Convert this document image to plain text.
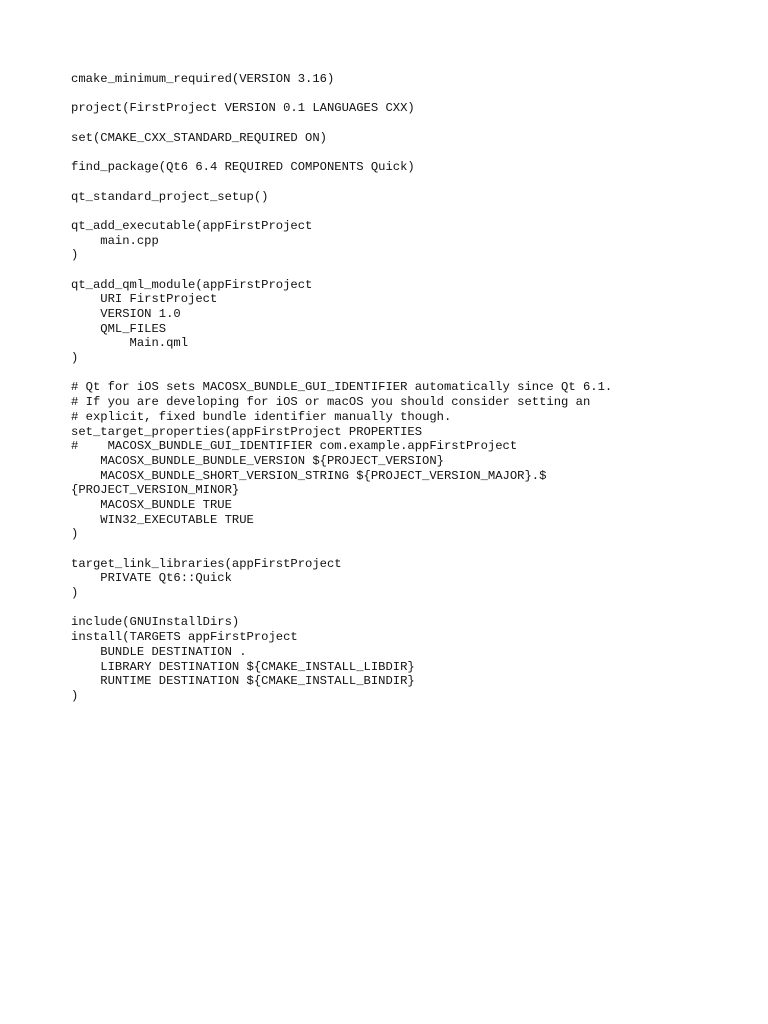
cmake_minimum_required(VERSION 3.16)
project(FirstProject VERSION 0.1 LANGUAGES CXX)
set(CMAKE_CXX_STANDARD_REQUIRED ON)
find_package(Qt6 6.4 REQUIRED COMPONENTS Quick)
qt_standard_project_setup()
qt_add_executable(appFirstProject
main.cpp
)
qt_add_qml_module(appFirstProject
URI FirstProject
VERSION 1.0
QML_FILES
Main.qml
)
# Qt for iOS sets MACOSX_BUNDLE_GUI_IDENTIFIER automatically since Qt 6.1.
# If you are developing for iOS or macOS you should consider setting an
# explicit, fixed bundle identifier manually though.
set_target_properties(appFirstProject PROPERTIES
#    MACOSX_BUNDLE_GUI_IDENTIFIER com.example.appFirstProject
MACOSX_BUNDLE_BUNDLE_VERSION ${PROJECT_VERSION}
MACOSX_BUNDLE_SHORT_VERSION_STRING ${PROJECT_VERSION_MAJOR}.$
{PROJECT_VERSION_MINOR}
MACOSX_BUNDLE TRUE
WIN32_EXECUTABLE TRUE
)
target_link_libraries(appFirstProject
PRIVATE Qt6::Quick
)
include(GNUInstallDirs)
install(TARGETS appFirstProject
BUNDLE DESTINATION .
LIBRARY DESTINATION ${CMAKE_INSTALL_LIBDIR}
RUNTIME DESTINATION ${CMAKE_INSTALL_BINDIR}
)
